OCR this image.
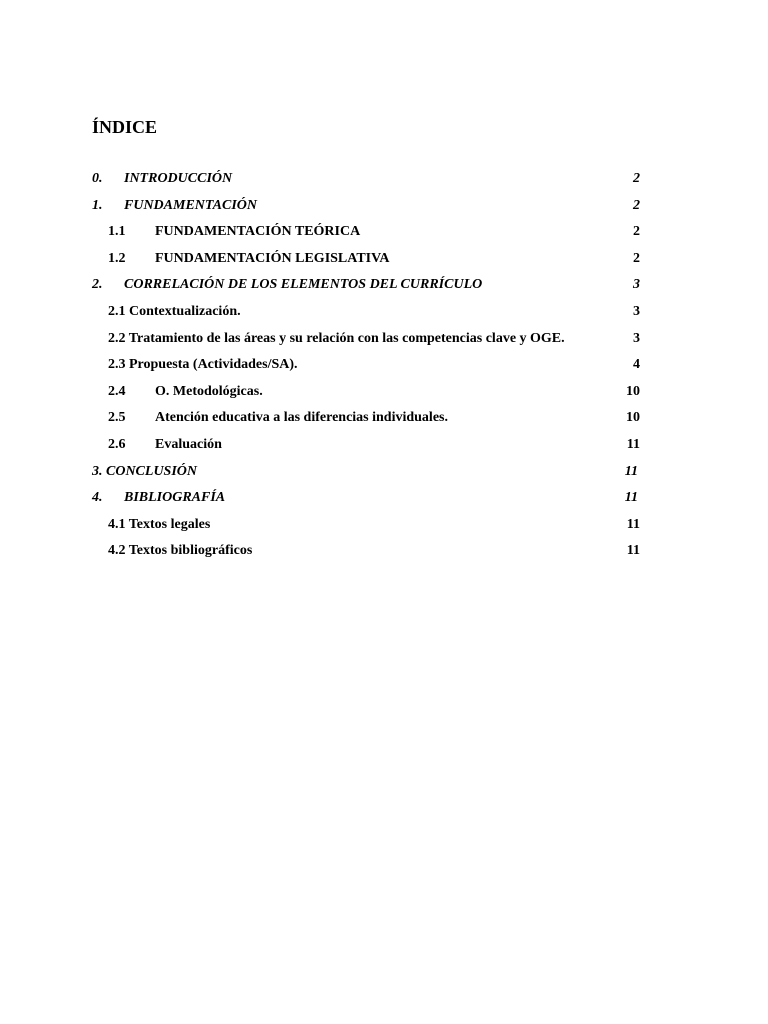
ÍNDICE
0. INTRODUCCIÓN	2
1. FUNDAMENTACIÓN	2
1.1 FUNDAMENTACIÓN TEÓRICA	2
1.2 FUNDAMENTACIÓN LEGISLATIVA	2
2. CORRELACIÓN DE LOS ELEMENTOS DEL CURRÍCULO	3
2.1 Contextualización.	3
2.2 Tratamiento de las áreas y su relación con las competencias clave y OGE.	3
2.3 Propuesta (Actividades/SA).	4
2.4 O. Metodológicas.	10
2.5 Atención educativa a las diferencias individuales.	10
2.6 Evaluación	11
3. CONCLUSIÓN	11
4. BIBLIOGRAFÍA	11
4.1 Textos legales	11
4.2 Textos bibliográficos	11
